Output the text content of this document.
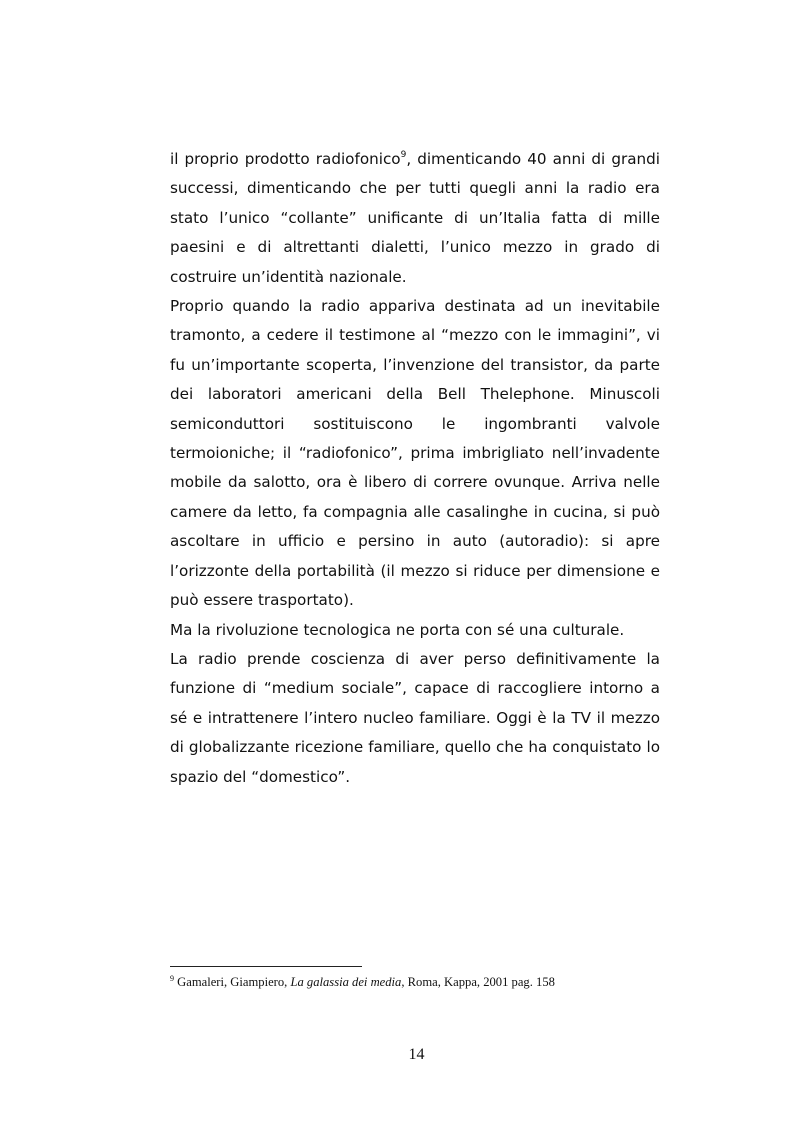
il proprio prodotto radiofonico$^9$, dimenticando 40 anni di grandi successi, dimenticando che per tutti quegli anni la radio era stato l’unico “collante” unificante di un’Italia fatta di mille paesini e di altrettanti dialetti, l’unico mezzo in grado di costruire un’identità nazionale.

Proprio quando la radio appariva destinata ad un inevitabile tramonto, a cedere il testimone al “mezzo con le immagini”, vi fu un’importante scoperta, l’invenzione del transistor, da parte dei laboratori americani della Bell Thelephone. Minuscoli semiconduttori sostituiscono le ingombranti valvole termoioniche; il “radiofonico”, prima imbrigliato nell’invadente mobile da salotto, ora è libero di correre ovunque. Arriva nelle camere da letto, fa compagnia alle casalinghe in cucina, si può ascoltare in ufficio e persino in auto (autoradio): si apre l’orizzonte della portabilità (il mezzo si riduce per dimensione e può essere trasportato).

Ma la rivoluzione tecnologica ne porta con sé una culturale.

La radio prende coscienza di aver perso definitivamente la funzione di “medium sociale”, capace di raccogliere intorno a sé e intrattenere l’intero nucleo familiare. Oggi è la TV il mezzo di globalizzante ricezione familiare, quello che ha conquistato lo spazio del “domestico”.

$^9$ Gamaleri, Giampiero, La galassia dei media, Roma, Kappa, 2001 pag. 158
14
